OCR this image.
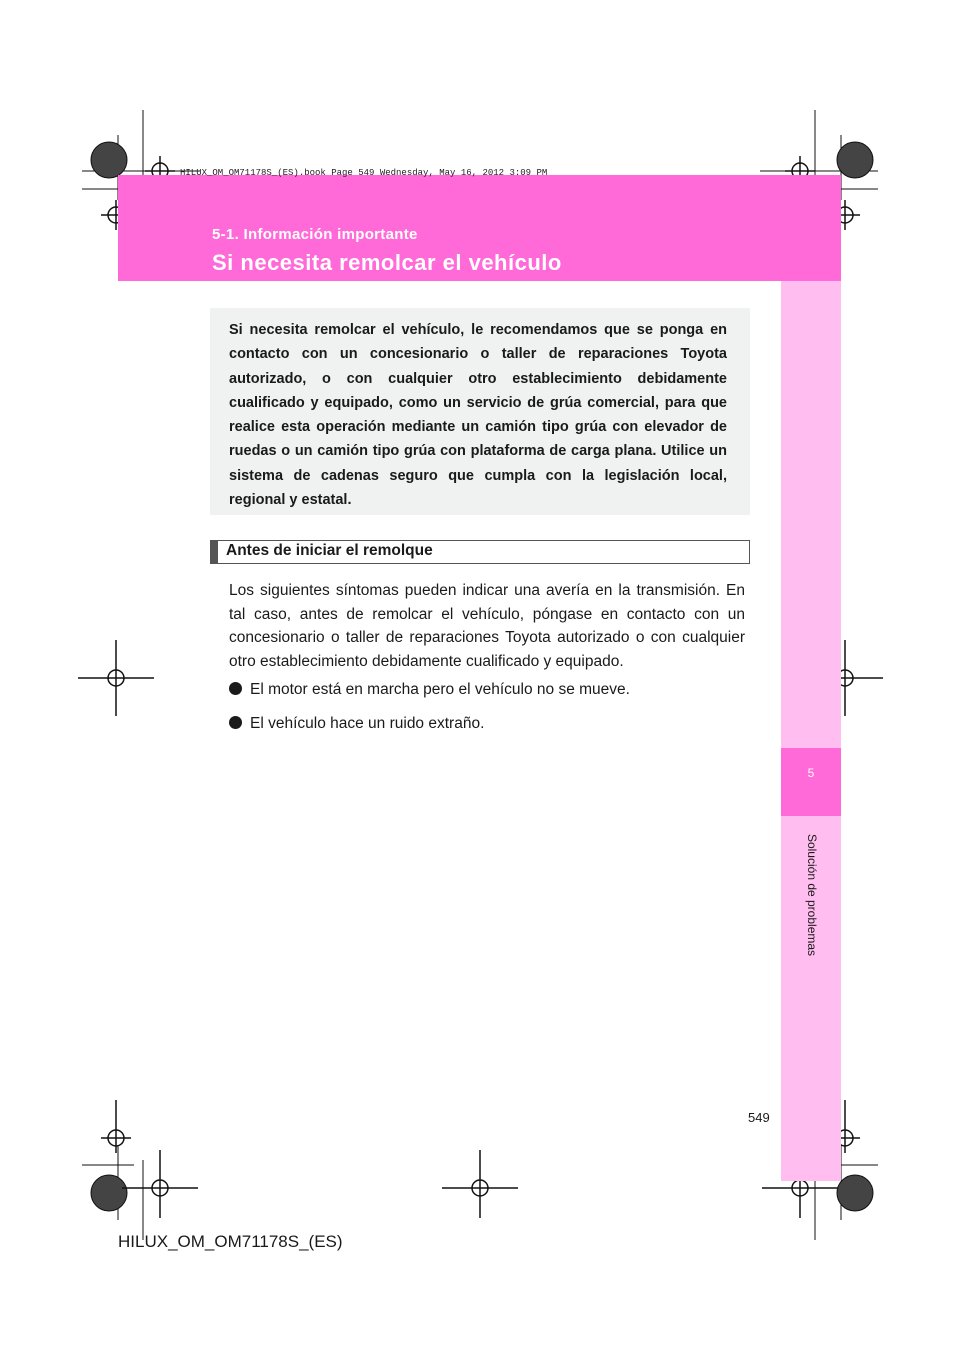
HILUX_OM_OM71178S_(ES).book Page 549 Wednesday, May 16, 2012 3:09 PM
5-1. Información importante
Si necesita remolcar el vehículo
5
Solución de problemas
Si necesita remolcar el vehículo, le recomendamos que se ponga en contacto con un concesionario o taller de reparaciones Toyota autorizado, o con cualquier otro establecimiento debidamente cualificado y equipado, como un servicio de grúa comercial, para que realice esta operación mediante un camión tipo grúa con elevador de ruedas o un camión tipo grúa con plataforma de carga plana. Utilice un sistema de cadenas seguro que cumpla con la legislación local, regional y estatal.
Antes de iniciar el remolque
Los siguientes síntomas pueden indicar una avería en la transmisión. En tal caso, antes de remolcar el vehículo, póngase en contacto con un concesionario o taller de reparaciones Toyota autorizado o con cualquier otro establecimiento debidamente cualificado y equipado.
El motor está en marcha pero el vehículo no se mueve.
El vehículo hace un ruido extraño.
549
HILUX_OM_OM71178S_(ES)
